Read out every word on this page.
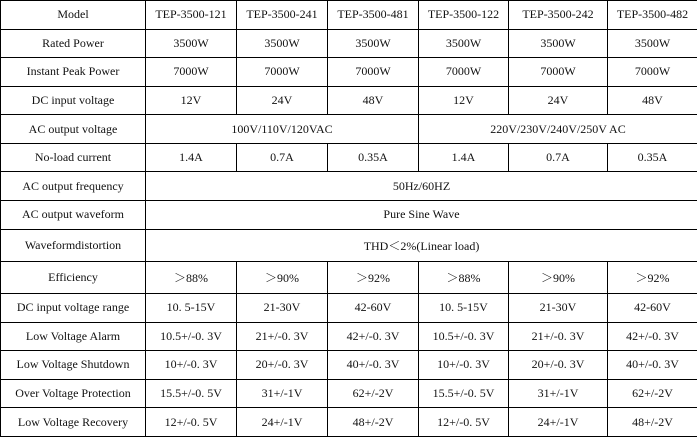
Model	TEP-3500-121	TEP-3500-241	TEP-3500-481	TEP-3500-122	TEP-3500-242	TEP-3500-482
Rated Power	3500W	3500W	3500W	3500W	3500W	3500W
Instant Peak Power	7000W	7000W	7000W	7000W	7000W	7000W
DC input voltage	12V	24V	48V	12V	24V	48V
AC output voltage	100V/110V/120VAC			220V/230V/240V/250V AC		
No-load current	1.4A	0.7A	0.35A	1.4A	0.7A	0.35A
AC output frequency	50Hz/60HZ					
AC output waveform	Pure Sine Wave					
Waveformdistortion	THD＜2%(Linear load)					
Efficiency	＞88%	＞90%	＞92%	＞88%	＞90%	＞92%
DC input voltage range	10. 5-15V	21-30V	42-60V	10. 5-15V	21-30V	42-60V
Low Voltage Alarm	10.5+/-0. 3V	21+/-0. 3V	42+/-0. 3V	10.5+/-0. 3V	21+/-0. 3V	42+/-0. 3V
Low Voltage Shutdown	10+/-0. 3V	20+/-0. 3V	40+/-0. 3V	10+/-0. 3V	20+/-0. 3V	40+/-0. 3V
Over Voltage Protection	15.5+/-0. 5V	31+/-1V	62+/-2V	15.5+/-0. 5V	31+/-1V	62+/-2V
Low Voltage Recovery	12+/-0. 5V	24+/-1V	48+/-2V	12+/-0. 5V	24+/-1V	48+/-2V
